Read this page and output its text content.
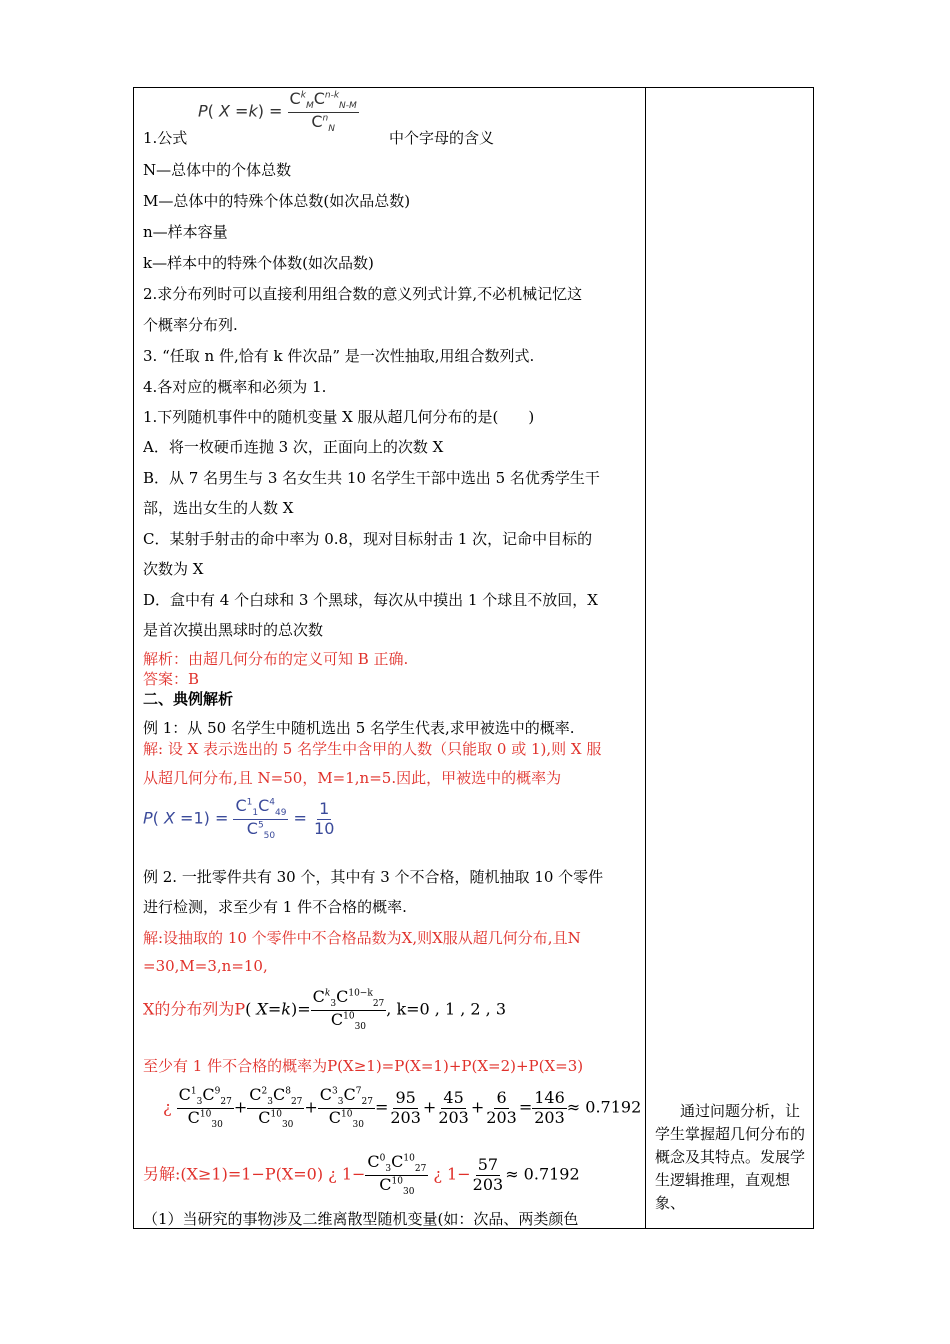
P( $X =k) = \frac{C^k_MC^{n-k}_{N-M}}{C^n_N}$
1.公式	中个字母的含义
N—总体中的个体总数
M—总体中的特殊个体总数(如次品总数)
n—样本容量
k—样本中的特殊个体数(如次品数)
2.求分布列时可以直接利用组合数的意义列式计算,不必机械记忆这
个概率分布列.
3. “任取 n 件,恰有 k 件次品” 是一次性抽取,用组合数列式.
4.各对应的概率和必须为 1.
1.下列随机事件中的随机变量 X 服从超几何分布的是(　　)
A．将一枚硬币连抛 3 次，正面向上的次数 X
B．从 7 名男生与 3 名女生共 10 名学生干部中选出 5 名优秀学生干
部，选出女生的人数 X
C．某射手射击的命中率为 0.8，现对目标射击 1 次，记命中目标的
次数为 X
D．盒中有 4 个白球和 3 个黑球，每次从中摸出 1 个球且不放回，X
是首次摸出黑球时的总次数
解析：由超几何分布的定义可知 B 正确.
答案：B
二、典例解析
例 1：从 50 名学生中随机选出 5 名学生代表,求甲被选中的概率.
解: 设 X 表示选出的 5 名学生中含甲的人数（只能取 0 或 1),则 X 服
从超几何分布,且 N=50，M=1,n=5.因此，甲被选中的概率为
P( $X =1) = \frac{C^1_1C^4_{49}}{C^5_{50}} = \frac{1}{10}$
例 2. 一批零件共有 30 个，其中有 3 个不合格，随机抽取 10 个零件
进行检测，求至少有 1 件不合格的概率.
解:设抽取的 10 个零件中不合格品数为X,则X服从超几何分布,且N
=30,M=3,n=10,
X的分布列为P( $X=k)= \frac{C^k_3C^{10-k}_{27}}{C^{10}_{30}}$ , k=0 , 1 , 2 , 3
至少有 1 件不合格的概率为P(X≥1)=P(X=1)+P(X=2)+P(X=3)
¿ $\frac{C^1_3C^9_{27}}{C^{10}_{30}} + \frac{C^2_3C^8_{27}}{C^{10}_{30}} + \frac{C^3_3C^7_{27}}{C^{10}_{30}} = \frac{95}{203} + \frac{45}{203} + \frac{6}{203} = \frac{146}{203} \approx 0.7192$
另解:(X≥1)=1−P(X=0) ¿ $1- \frac{C^0_3C^{10}_{27}}{C^{10}_{30}}$ ¿ $1- \frac{57}{203} \approx 0.7192$
（1）当研究的事物涉及二维离散型随机变量(如：次品、两类颜色
通过问题分析，让学生掌握超几何分布的概念及其特点。发展学生逻辑推理，直观想象、
